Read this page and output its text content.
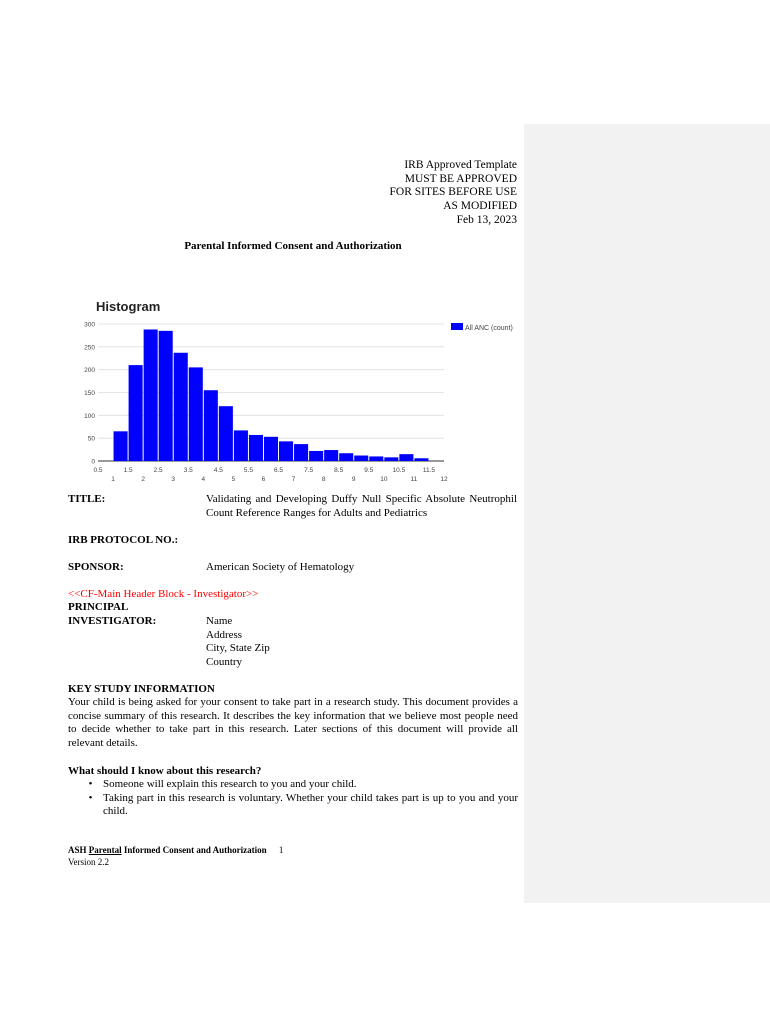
IRB Approved Template
MUST BE APPROVED
FOR SITES BEFORE USE
AS MODIFIED
Feb 13, 2023
Parental Informed Consent and Authorization
Histogram
300
250
200
150
100
50
0
0.5	1.5	2.5	3.5	4.5	5.5	6.5	7.5	8.5	9.5	10.5	11.5
1	2	3	4	5	6	7	8	9	10	11	12
All ANC (count)
TITLE:	Validating and Developing Duffy Null Specific Absolute Neutrophil Count Reference Ranges for Adults and Pediatrics
IRB PROTOCOL NO.:
SPONSOR:	American Society of Hematology
<<CF-Main Header Block - Investigator>>
PRINCIPAL
INVESTIGATOR:	Name
Address
City, State Zip
Country
KEY STUDY INFORMATION
Your child is being asked for your consent to take part in a research study. This document provides a concise summary of this research. It describes the key information that we believe most people need to decide whether to take part in this research. Later sections of this document will provide all relevant details.
What should I know about this research?
• Someone will explain this research to you and your child.
• Taking part in this research is voluntary. Whether your child takes part is up to you and your child.
ASH Parental Informed Consent and Authorization 1
Version 2.2
